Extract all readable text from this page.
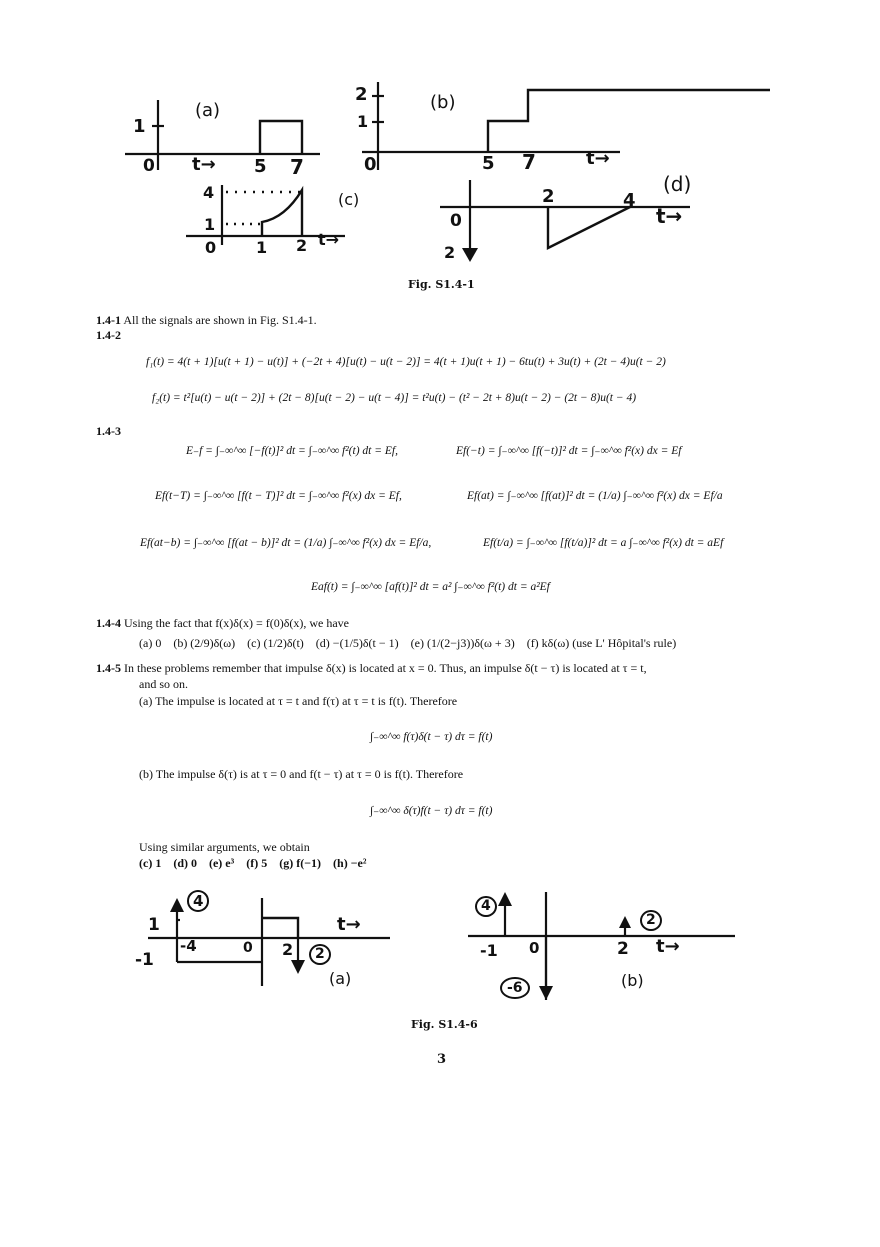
(a)
1
0 t→ 5 7
(b)
2
1
0	5 7	t→
(c)
4
1
0 1 2 t→
(d)
0
2	4
t→
2
Fig. S1.4-1
1.4-1 All the signals are shown in Fig. S1.4-1.
1.4-2
f₁(t) = 4(t + 1)[u(t + 1) − u(t)] + (−2t + 4)[u(t) − u(t − 2)] = 4(t + 1)u(t + 1) − 6tu(t) + 3u(t) + (2t − 4)u(t − 2)
f₂(t) = t²[u(t) − u(t − 2)] + (2t − 8)[u(t − 2) − u(t − 4)] = t²u(t) − (t² − 2t + 8)u(t − 2) − (2t − 8)u(t − 4)
1.4-3
E₋f = ∫₋∞^∞ [−f(t)]² dt = ∫₋∞^∞ f²(t) dt = Ef,	Ef(−t) = ∫₋∞^∞ [f(−t)]² dt = ∫₋∞^∞ f²(x) dx = Ef
Ef(t−T) = ∫₋∞^∞ [f(t − T)]² dt = ∫₋∞^∞ f²(x) dx = Ef,	Ef(at) = ∫₋∞^∞ [f(at)]² dt = (1/a) ∫₋∞^∞ f²(x) dx = Ef/a
Ef(at−b) = ∫₋∞^∞ [f(at − b)]² dt = (1/a) ∫₋∞^∞ f²(x) dx = Ef/a,	Ef(t/a) = ∫₋∞^∞ [f(t/a)]² dt = a ∫₋∞^∞ f²(x) dt = aEf
Eaf(t) = ∫₋∞^∞ [af(t)]² dt = a² ∫₋∞^∞ f²(t) dt = a²Ef
1.4-4 Using the fact that f(x)δ(x) = f(0)δ(x), we have
(a) 0    (b) (2/9)δ(ω)    (c) (1/2)δ(t)    (d) −(1/5)δ(t − 1)    (e) (1/(2−j3))δ(ω + 3)    (f) kδ(ω) (use L' Hôpital's rule)
1.4-5 In these problems remember that impulse δ(x) is located at x = 0. Thus, an impulse δ(t − τ) is located at τ = t,
and so on.
(a) The impulse is located at τ = t and f(τ) at τ = t is f(t). Therefore
∫₋∞^∞ f(τ)δ(t − τ) dτ = f(t)
(b) The impulse δ(τ) is at τ = 0 and f(t − τ) at τ = 0 is f(t). Therefore
∫₋∞^∞ δ(τ)f(t − τ) dτ = f(t)
Using similar arguments, we obtain
(c) 1    (d) 0    (e) e³    (f) 5    (g) f(−1)    (h) −e²
4
1
-1
-4	0 2	2
t→
(a)
4
-1 0	2
2
t→
-6	(b)
Fig. S1.4-6
3
